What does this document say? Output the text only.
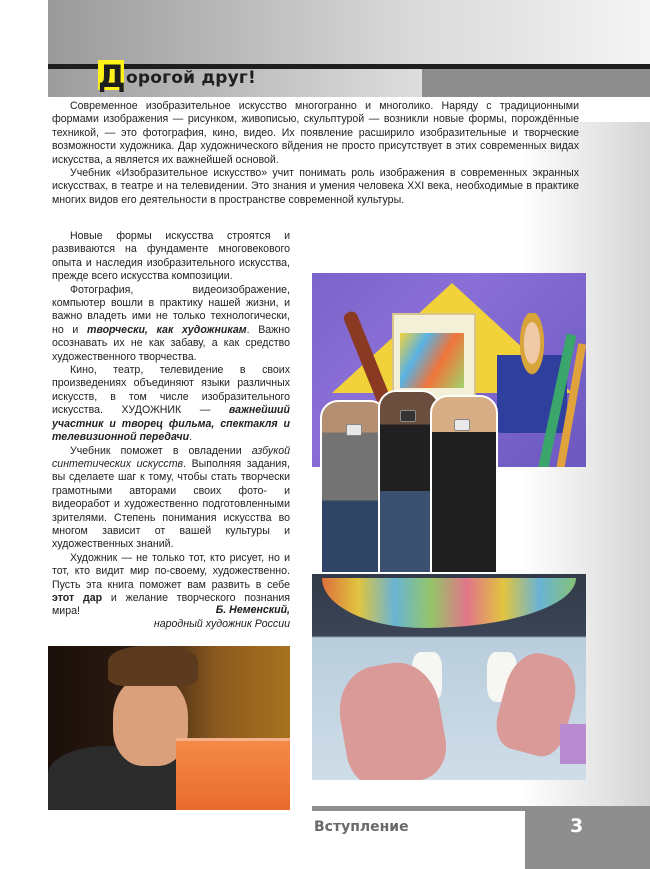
Д орогой друг!

Современное изобразительное искусство многогранно и многолико. Наряду с традиционными формами изображения — рисунком, живописью, скульптурой — возникли новые формы, порождённые техникой, — это фотография, кино, видео. Их появление расширило изобразительные и творческие возможности художника. Дар художнического вйдения не просто присутствует в этих современных видах искусства, а является их важнейшей основой.

Учебник «Изобразительное искусство» учит понимать роль изображения в современных экранных искусствах, в театре и на телевидении. Это знания и умения человека XXI века, необходимые в практике многих видов его деятельности в пространстве современной культуры.

Новые формы искусства строятся и развиваются на фундаменте многовекового опыта и наследия изобразительного искусства, прежде всего искусства композиции.

Фотография, видеоизображение, компьютер вошли в практику нашей жизни, и важно владеть ими не только технологически, но и творчески, как художникам. Важно осознавать их не как забаву, а как средство художественного творчества.

Кино, театр, телевидение в своих произведениях объединяют языки различных искусств, в том числе изобразительного искусства. ХУДОЖНИК — важнейший участник и творец фильма, спектакля и телевизионной передачи.

Учебник поможет в овладении азбукой синтетических искусств. Выполняя задания, вы сделаете шаг к тому, чтобы стать творчески грамотными авторами своих фото- и видеоработ и художественно подготовленными зрителями. Степень понимания искусства во многом зависит от вашей культуры и художественных знаний.

Художник — не только тот, кто рисует, но и тот, кто видит мир по-своему, художественно. Пусть эта книга поможет вам развить в себе этот дар и желание творческого познания мира!	Б. Неменский,
народный художник России
Вступление	3
